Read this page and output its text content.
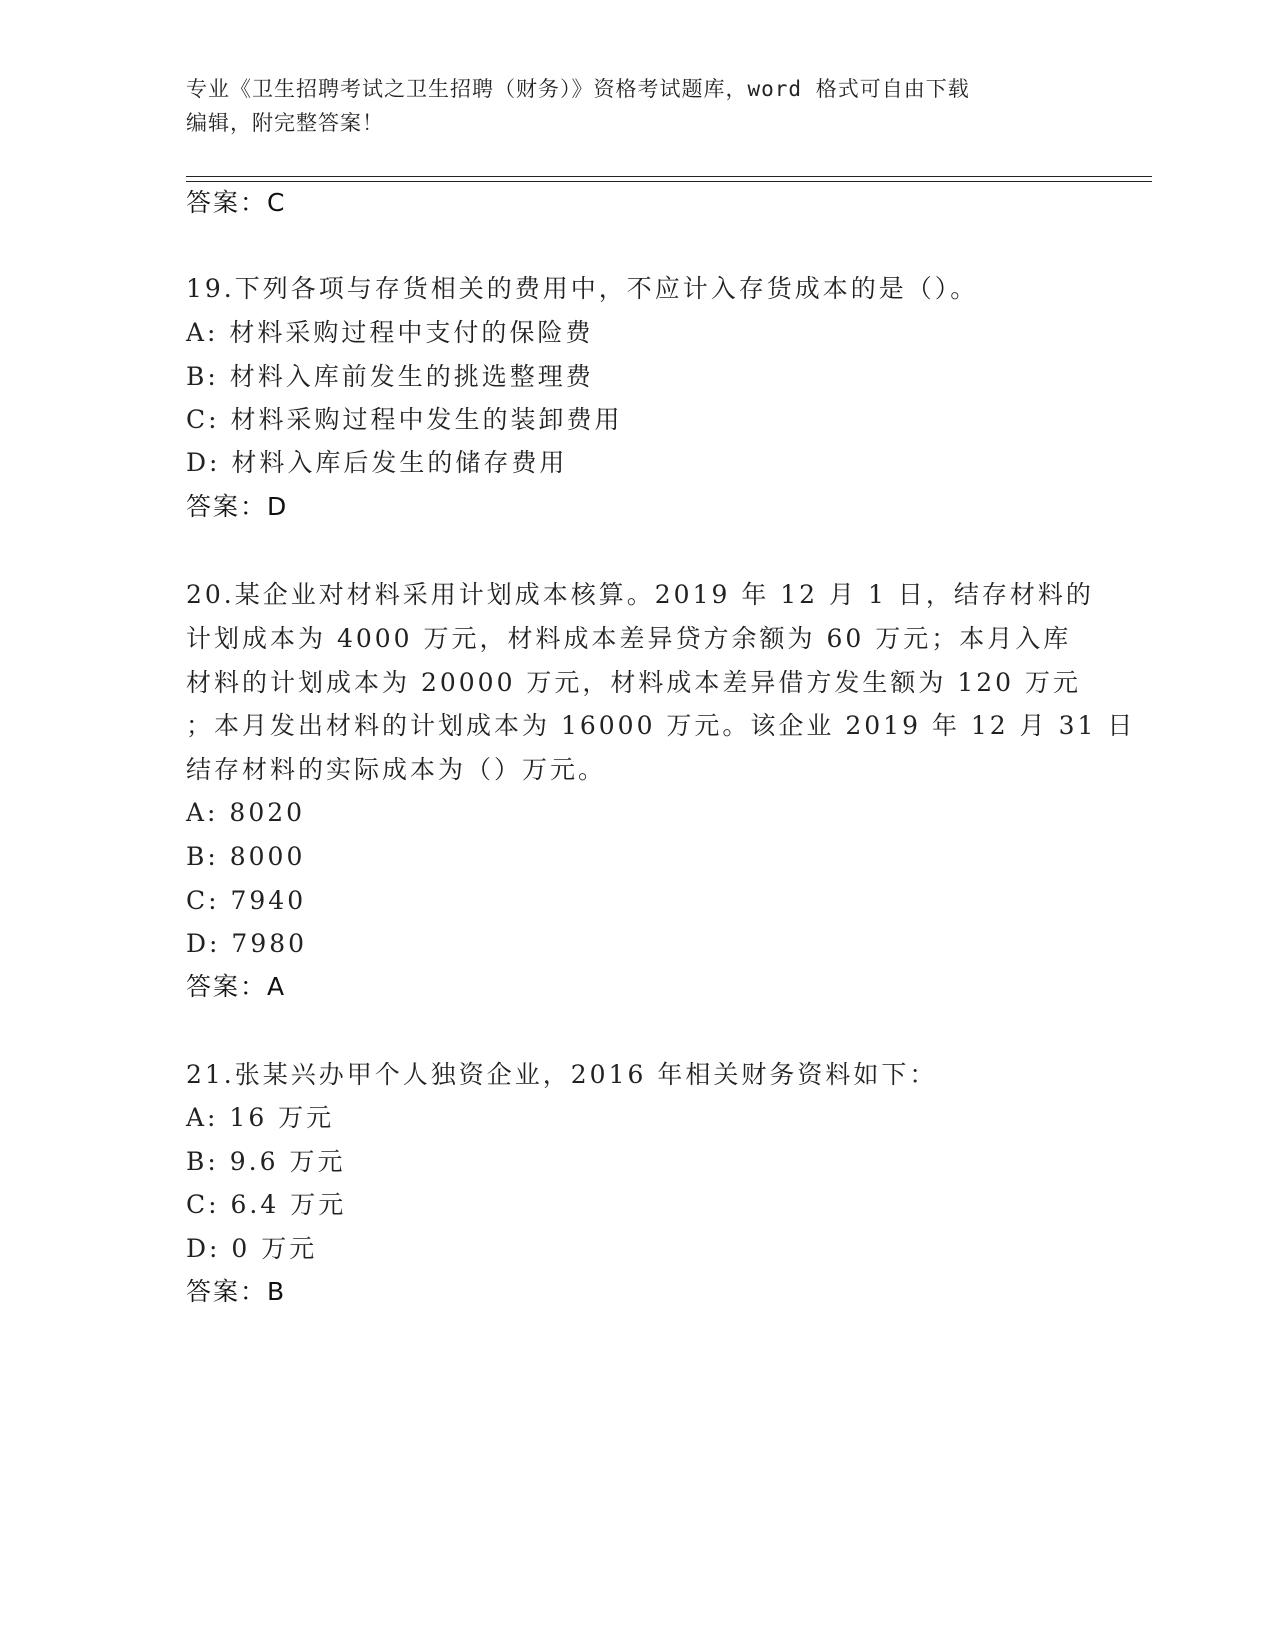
专业《卫生招聘考试之卫生招聘（财务）》资格考试题库，word 格式可自由下载
编辑，附完整答案！
答案：C
19.下列各项与存货相关的费用中，不应计入存货成本的是（）。
A: 材料采购过程中支付的保险费
B: 材料入库前发生的挑选整理费
C: 材料采购过程中发生的装卸费用
D: 材料入库后发生的储存费用
答案：D
20.某企业对材料采用计划成本核算。2019 年 12 月 1 日，结存材料的
计划成本为 4000 万元，材料成本差异贷方余额为 60 万元；本月入库
材料的计划成本为 20000 万元，材料成本差异借方发生额为 120 万元
；本月发出材料的计划成本为 16000 万元。该企业 2019 年 12 月 31 日
结存材料的实际成本为（）万元。
A: 8020
B: 8000
C: 7940
D: 7980
答案：A
21.张某兴办甲个人独资企业，2016 年相关财务资料如下：
A: 16 万元
B: 9.6 万元
C: 6.4 万元
D: 0 万元
答案：B
